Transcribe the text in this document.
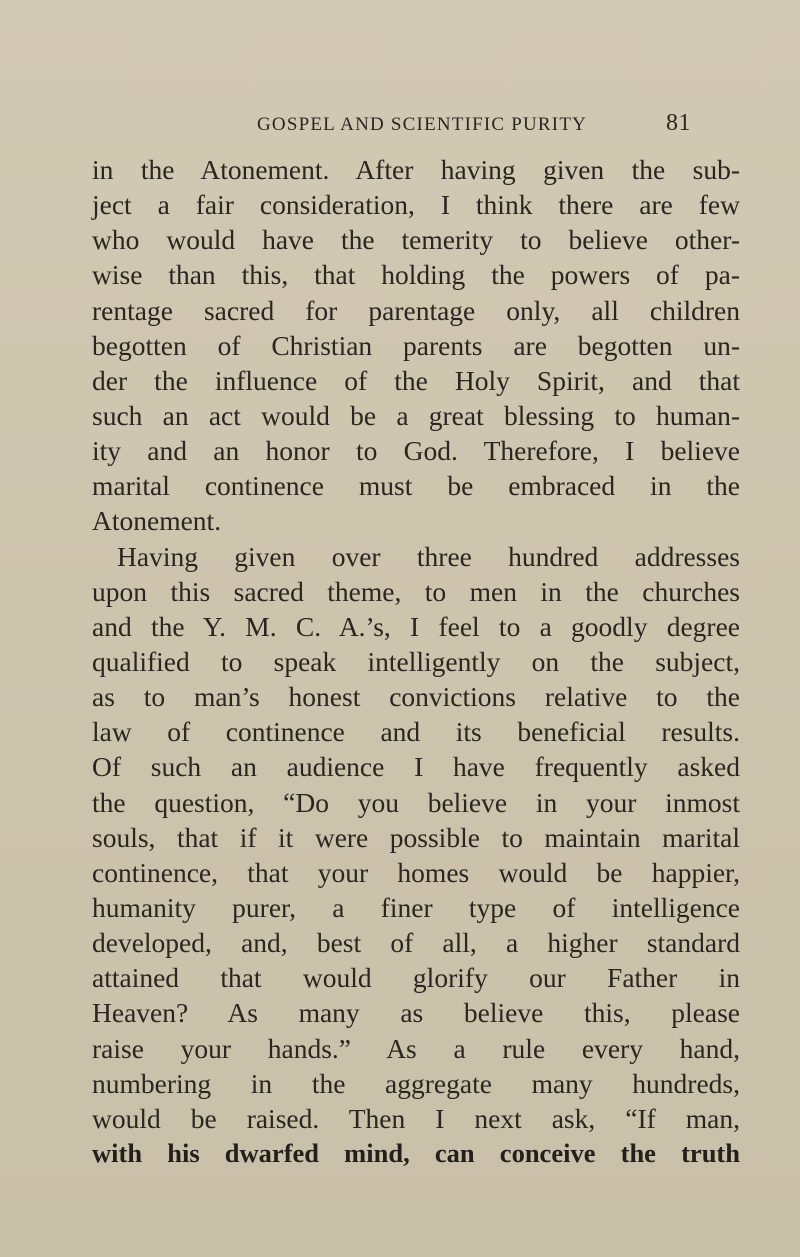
GOSPEL AND SCIENTIFIC PURITY	81
in the Atonement. After having given the sub-
ject a fair consideration, I think there are few
who would have the temerity to believe other-
wise than this, that holding the powers of pa-
rentage sacred for parentage only, all children
begotten of Christian parents are begotten un-
der the influence of the Holy Spirit, and that
such an act would be a great blessing to human-
ity and an honor to God. Therefore, I believe
marital continence must be embraced in the
Atonement.
Having given over three hundred addresses
upon this sacred theme, to men in the churches
and the Y. M. C. A.’s, I feel to a goodly degree
qualified to speak intelligently on the subject,
as to man’s honest convictions relative to the
law of continence and its beneficial results.
Of such an audience I have frequently asked
the question, “Do you believe in your inmost
souls, that if it were possible to maintain marital
continence, that your homes would be happier,
humanity purer, a finer type of intelligence
developed, and, best of all, a higher standard
attained that would glorify our Father in
Heaven? As many as believe this, please
raise your hands.” As a rule every hand,
numbering in the aggregate many hundreds,
would be raised. Then I next ask, “If man,
with his dwarfed mind, can conceive the truth
